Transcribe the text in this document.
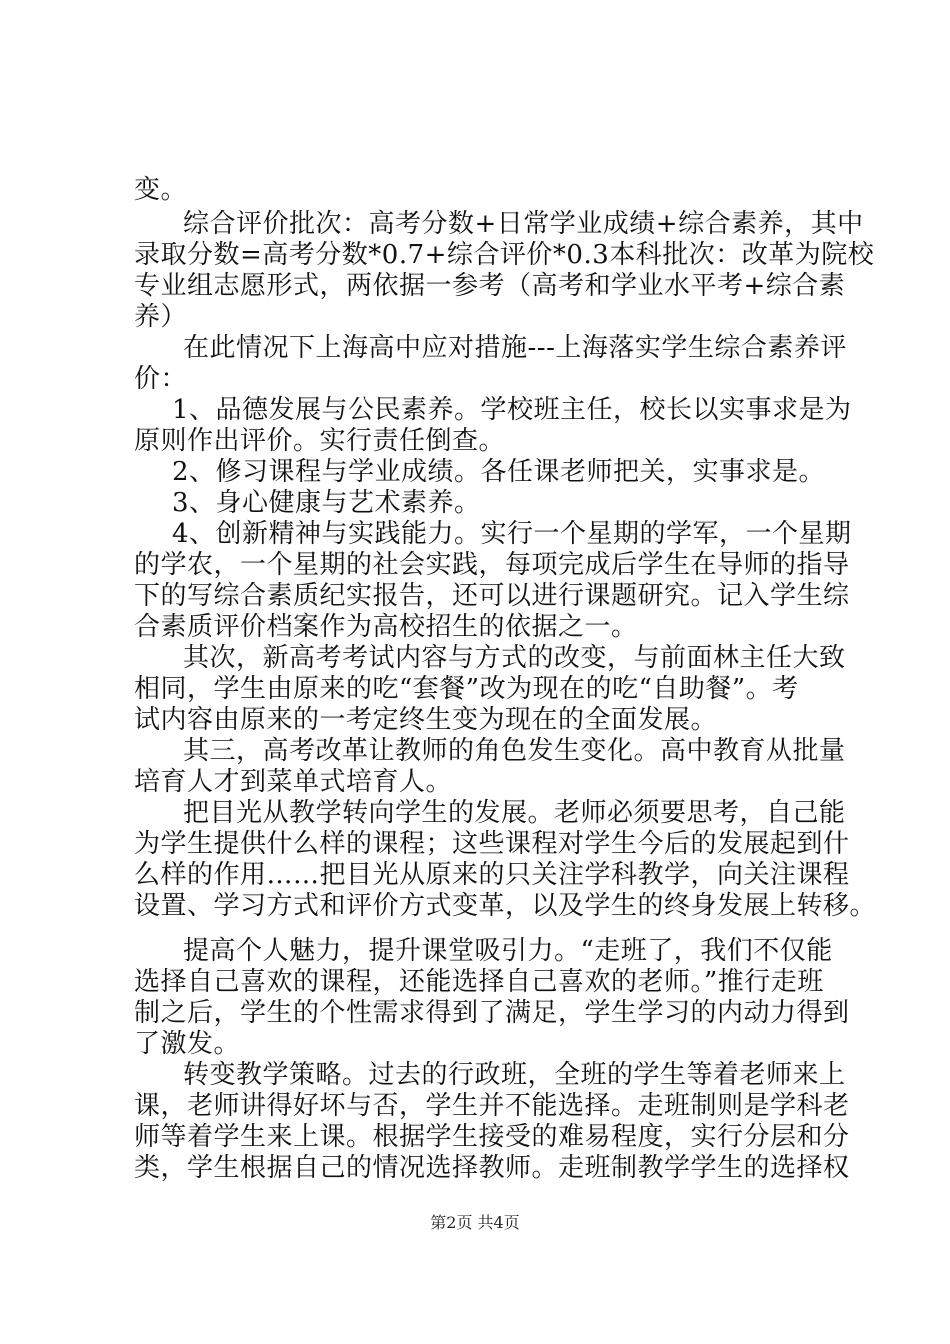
变。
综合评价批次：高考分数+日常学业成绩+综合素养，其中
录取分数=高考分数*0.7+综合评价*0.3本科批次：改革为院校
专业组志愿形式，两依据一参考（高考和学业水平考+综合素
养）
在此情况下上海高中应对措施---上海落实学生综合素养评
价：
1、品德发展与公民素养。学校班主任，校长以实事求是为
原则作出评价。实行责任倒查。
2、修习课程与学业成绩。各任课老师把关，实事求是。
3、身心健康与艺术素养。
4、创新精神与实践能力。实行一个星期的学军，一个星期
的学农，一个星期的社会实践，每项完成后学生在导师的指导
下的写综合素质纪实报告，还可以进行课题研究。记入学生综
合素质评价档案作为高校招生的依据之一。
其次，新高考考试内容与方式的改变，与前面林主任大致
相同，学生由原来的吃“套餐”改为现在的吃“自助餐”。考
试内容由原来的一考定终生变为现在的全面发展。
其三，高考改革让教师的角色发生变化。高中教育从批量
培育人才到菜单式培育人。
把目光从教学转向学生的发展。老师必须要思考，自己能
为学生提供什么样的课程；这些课程对学生今后的发展起到什
么样的作用……把目光从原来的只关注学科教学，向关注课程
设置、学习方式和评价方式变革，以及学生的终身发展上转移。
提高个人魅力，提升课堂吸引力。“走班了，我们不仅能
选择自己喜欢的课程，还能选择自己喜欢的老师。”推行走班
制之后，学生的个性需求得到了满足，学生学习的内动力得到
了激发。
转变教学策略。过去的行政班，全班的学生等着老师来上
课，老师讲得好坏与否，学生并不能选择。走班制则是学科老
师等着学生来上课。根据学生接受的难易程度，实行分层和分
类，学生根据自己的情况选择教师。走班制教学学生的选择权
第2页 共4页
